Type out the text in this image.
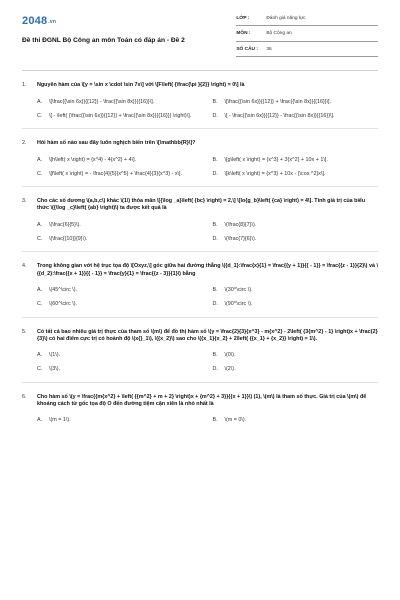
2048.vn
Đề thi ĐGNL Bộ Công an môn Toán có đáp án - Đề 2
LỚP :	Đánh giá năng lực
MÔN :	Bộ Công an
SỐ CÂU :	36
1.	Nguyên hàm của \[y = \sin x \cdot \sin 7x\] với \[F\left( {\frac{\pi }{2}} \right) = 0\] là
A.	\[\frac{{\sin 6x}}{{12}} - \frac{{\sin 8x}}{{16}}\].	B.	\[\frac{{\sin 6x}}{{12}} + \frac{{\sin 8x}}{{16}}\].
C.	\[ - \left( {\frac{{\sin 6x}}{{12}} + \frac{{\sin 8x}}{{16}}} \right)\].	D.	\[ - \frac{{\sin 6x}}{{12}} - \frac{{\sin 8x}}{{16}}\].
2.	Hỏi hàm số nào sau đây luôn nghịch biến trên \[\mathbb{R}\]?
A.	\[h\left( x \right) = {x^4} - 4{x^2} + 4\].	B.	\[g\left( x \right) = {x^3} + 3{x^2} + 10x + 1\].
C.	\[f\left( x \right) = - \frac{4}{5}{x^5} + \frac{4}{3}{x^3} - x\].	D.	\[k\left( x \right) = {x^3} + 10x - {\cos ^2}x\].
3.	Cho các số dương \(a,b,c\) khác \(1\) thỏa mãn \[{\log _a}\left( {bc} \right) = 2,\] \[lo{g_b}\left( {ca} \right) = 4\]. Tính giá trị của biểu thức \({\log _c}\left( {ab} \right)\) ta được kết quả là
A.	\(\frac{6}{5}\).	B.	\(\frac{8}{7}\).
C.	\(\frac{{10}}{9}\).	D.	\(\frac{7}{6}\).
4.	Trong không gian với hệ trục tọa độ \[Oxyz,\] góc giữa hai đường thẳng \({d_1}:\frac{x}{1} = \frac{{y + 1}}{{ - 1}} = \frac{{z - 1}}{2}\) và \({d_2}:\frac{{x + 1}}{{ - 1}} = \frac{y}{1} = \frac{{z - 3}}{1}\) bằng
A.	\(45^\circ \).	B.	\(30^\circ \).
C.	\(60^\circ \).	D.	\(90^\circ \).
5.	Có tất cả bao nhiêu giá trị thực của tham số \(m\) để đồ thị hàm số \(y = \frac{2}{3}{x^3} - m{x^2} - 2\left( {3{m^2} - 1} \right)x + \frac{2}{3}\) có hai điểm cực trị có hoành độ \(x{}_1\), \({x_2}\) sao cho \({x_1}{x_2} + 2\left( {{x_1} + {x_2}} \right) = 1\).
A.	\(1\).	B.	\(0\).
C.	\(3\).	D.	\(2\).
6.	Cho hàm số \(y = \frac{{m{x^2} + \left( {{m^2} + m + 2} \right)x + {m^2} + 3}}{{x + 1}}\) (1), \(m\) là tham số thực. Giá trị của \(m\) để khoảng cách từ gốc tọa độ O đến đường tiệm cận xiên là nhỏ nhất là
A.	\(m = 1\).	B.	\(m = 0\).
